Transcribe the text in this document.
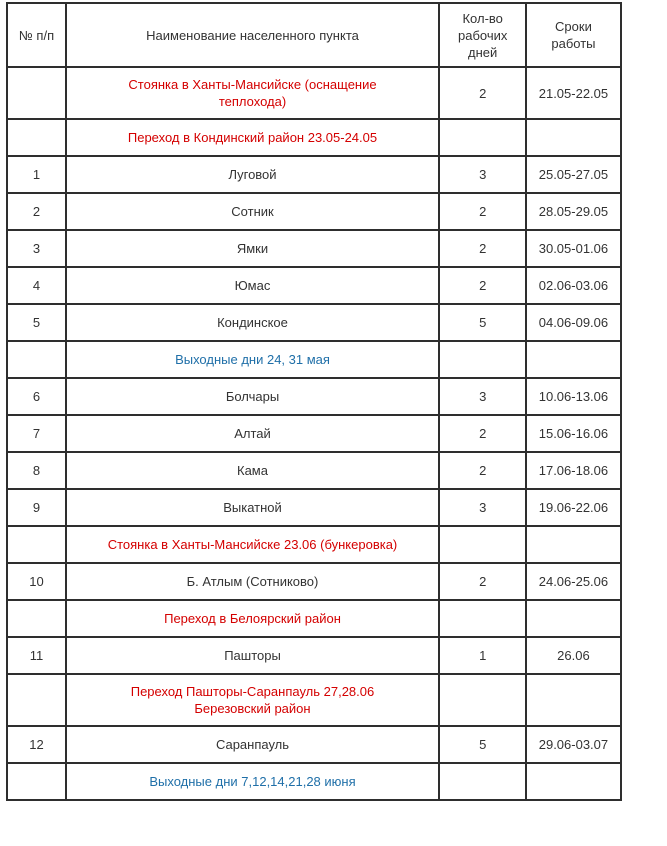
№ п/п	Наименование населенного пункта	Кол-во рабочих дней	Сроки работы
	Стоянка в Ханты-Мансийске (оснащение теплохода)	2	21.05-22.05
	Переход в Кондинский район 23.05-24.05		
1	Луговой	3	25.05-27.05
2	Сотник	2	28.05-29.05
3	Ямки	2	30.05-01.06
4	Юмас	2	02.06-03.06
5	Кондинское	5	04.06-09.06
	Выходные дни 24, 31 мая		
6	Болчары	3	10.06-13.06
7	Алтай	2	15.06-16.06
8	Кама	2	17.06-18.06
9	Выкатной	3	19.06-22.06
	Стоянка в Ханты-Мансийске 23.06 (бункеровка)		
10	Б. Атлым (Сотниково)	2	24.06-25.06
	Переход в Белоярский район		
11	Пашторы	1	26.06
	Переход Пашторы-Саранпауль 27,28.06 Березовский район		
12	Саранпауль	5	29.06-03.07
	Выходные дни 7,12,14,21,28 июня		
